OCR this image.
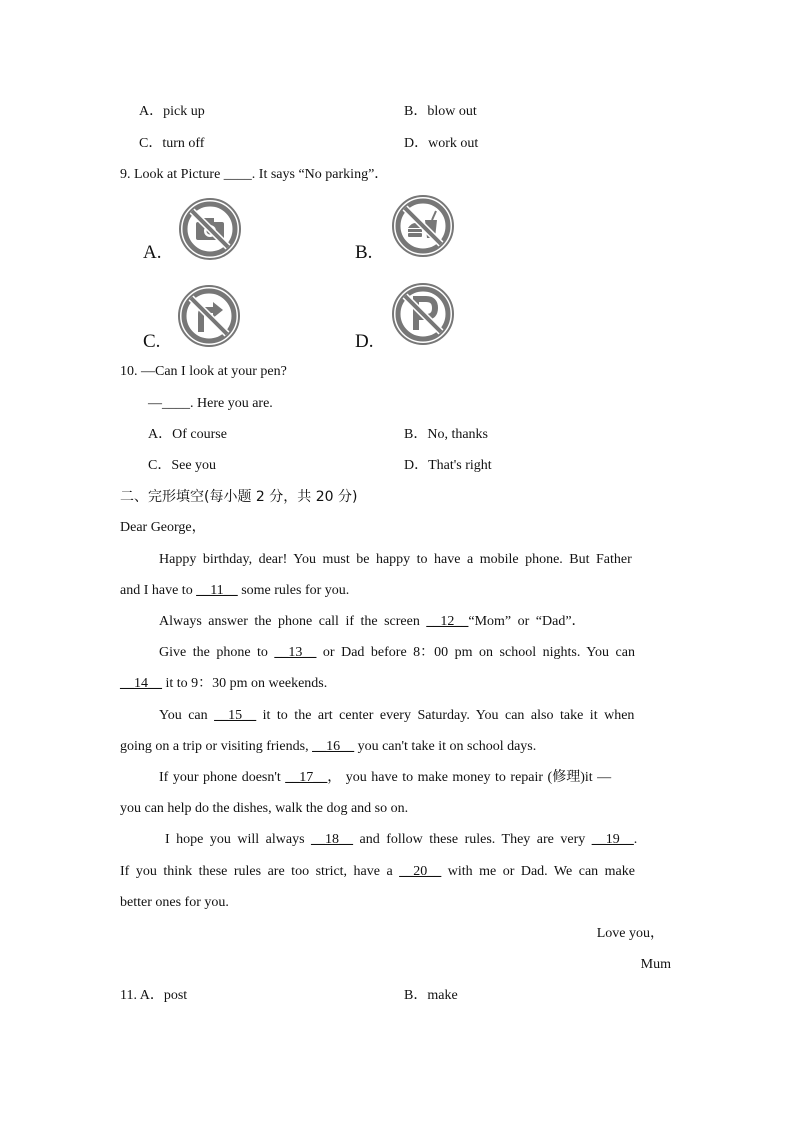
A．pick up	B．blow out
C．turn off	D．work out
9. Look at Picture ____. It says “No parking”．
A.	B.
C.	D.
10. —Can I look at your pen?
—____. Here you are.
A．Of course	B．No, thanks
C．See you	D．That's right
二、完形填空(每小题 2 分，共 20 分)
Dear George，
Happy birthday, dear! You must be happy to have a mobile phone. But Father
and I have to __11__ some rules for you.
Always answer the phone call if the screen __12__“Mom” or “Dad”．
Give the phone to __13__ or Dad before 8：00 pm on school nights. You can
__14__ it to 9：30 pm on weekends.
You can __15__ it to the art center every Saturday. You can also take it when
going on a trip or visiting friends, __16__ you can't take it on school days.
If your phone doesn't __17__， you have to make money to repair (修理)it —
you can help do the dishes, walk the dog and so on.
I hope you will always __18__ and follow these rules. They are very __19__.
If you think these rules are too strict, have a __20__ with me or Dad. We can make
better ones for you.
Love you，
Mum
11. A．post	B．make
